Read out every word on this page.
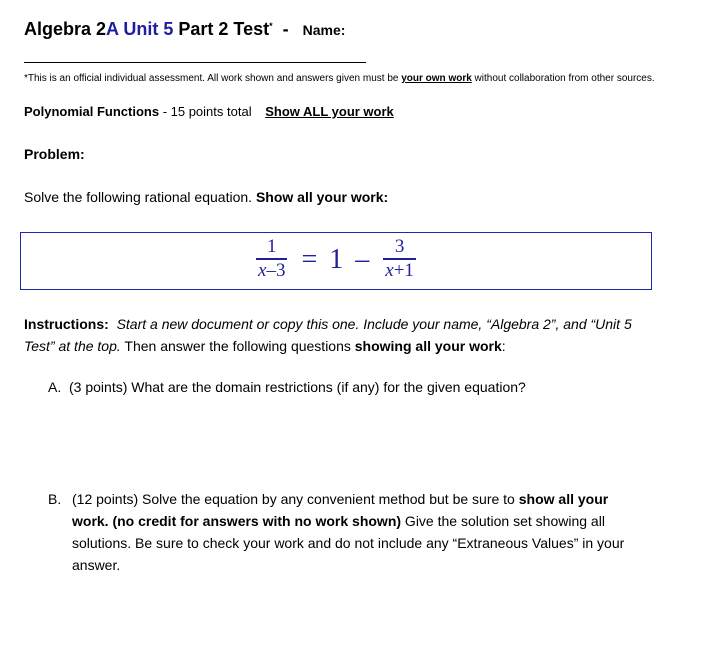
Algebra 2A Unit 5 Part 2 Test* - Name:
*This is an official individual assessment. All work shown and answers given must be your own work without collaboration from other sources.
Polynomial Functions - 15 points total Show ALL your work
Problem:
Solve the following rational equation. Show all your work:
$\frac{1}{x-3} = 1 - \frac{3}{x+1}$
Instructions: Start a new document or copy this one. Include your name, “Algebra 2”, and “Unit 5 Test” at the top. Then answer the following questions showing all your work:
A. (3 points) What are the domain restrictions (if any) for the given equation?
B. (12 points) Solve the equation by any convenient method but be sure to show all your work. (no credit for answers with no work shown) Give the solution set showing all solutions. Be sure to check your work and do not include any “Extraneous Values” in your answer.
